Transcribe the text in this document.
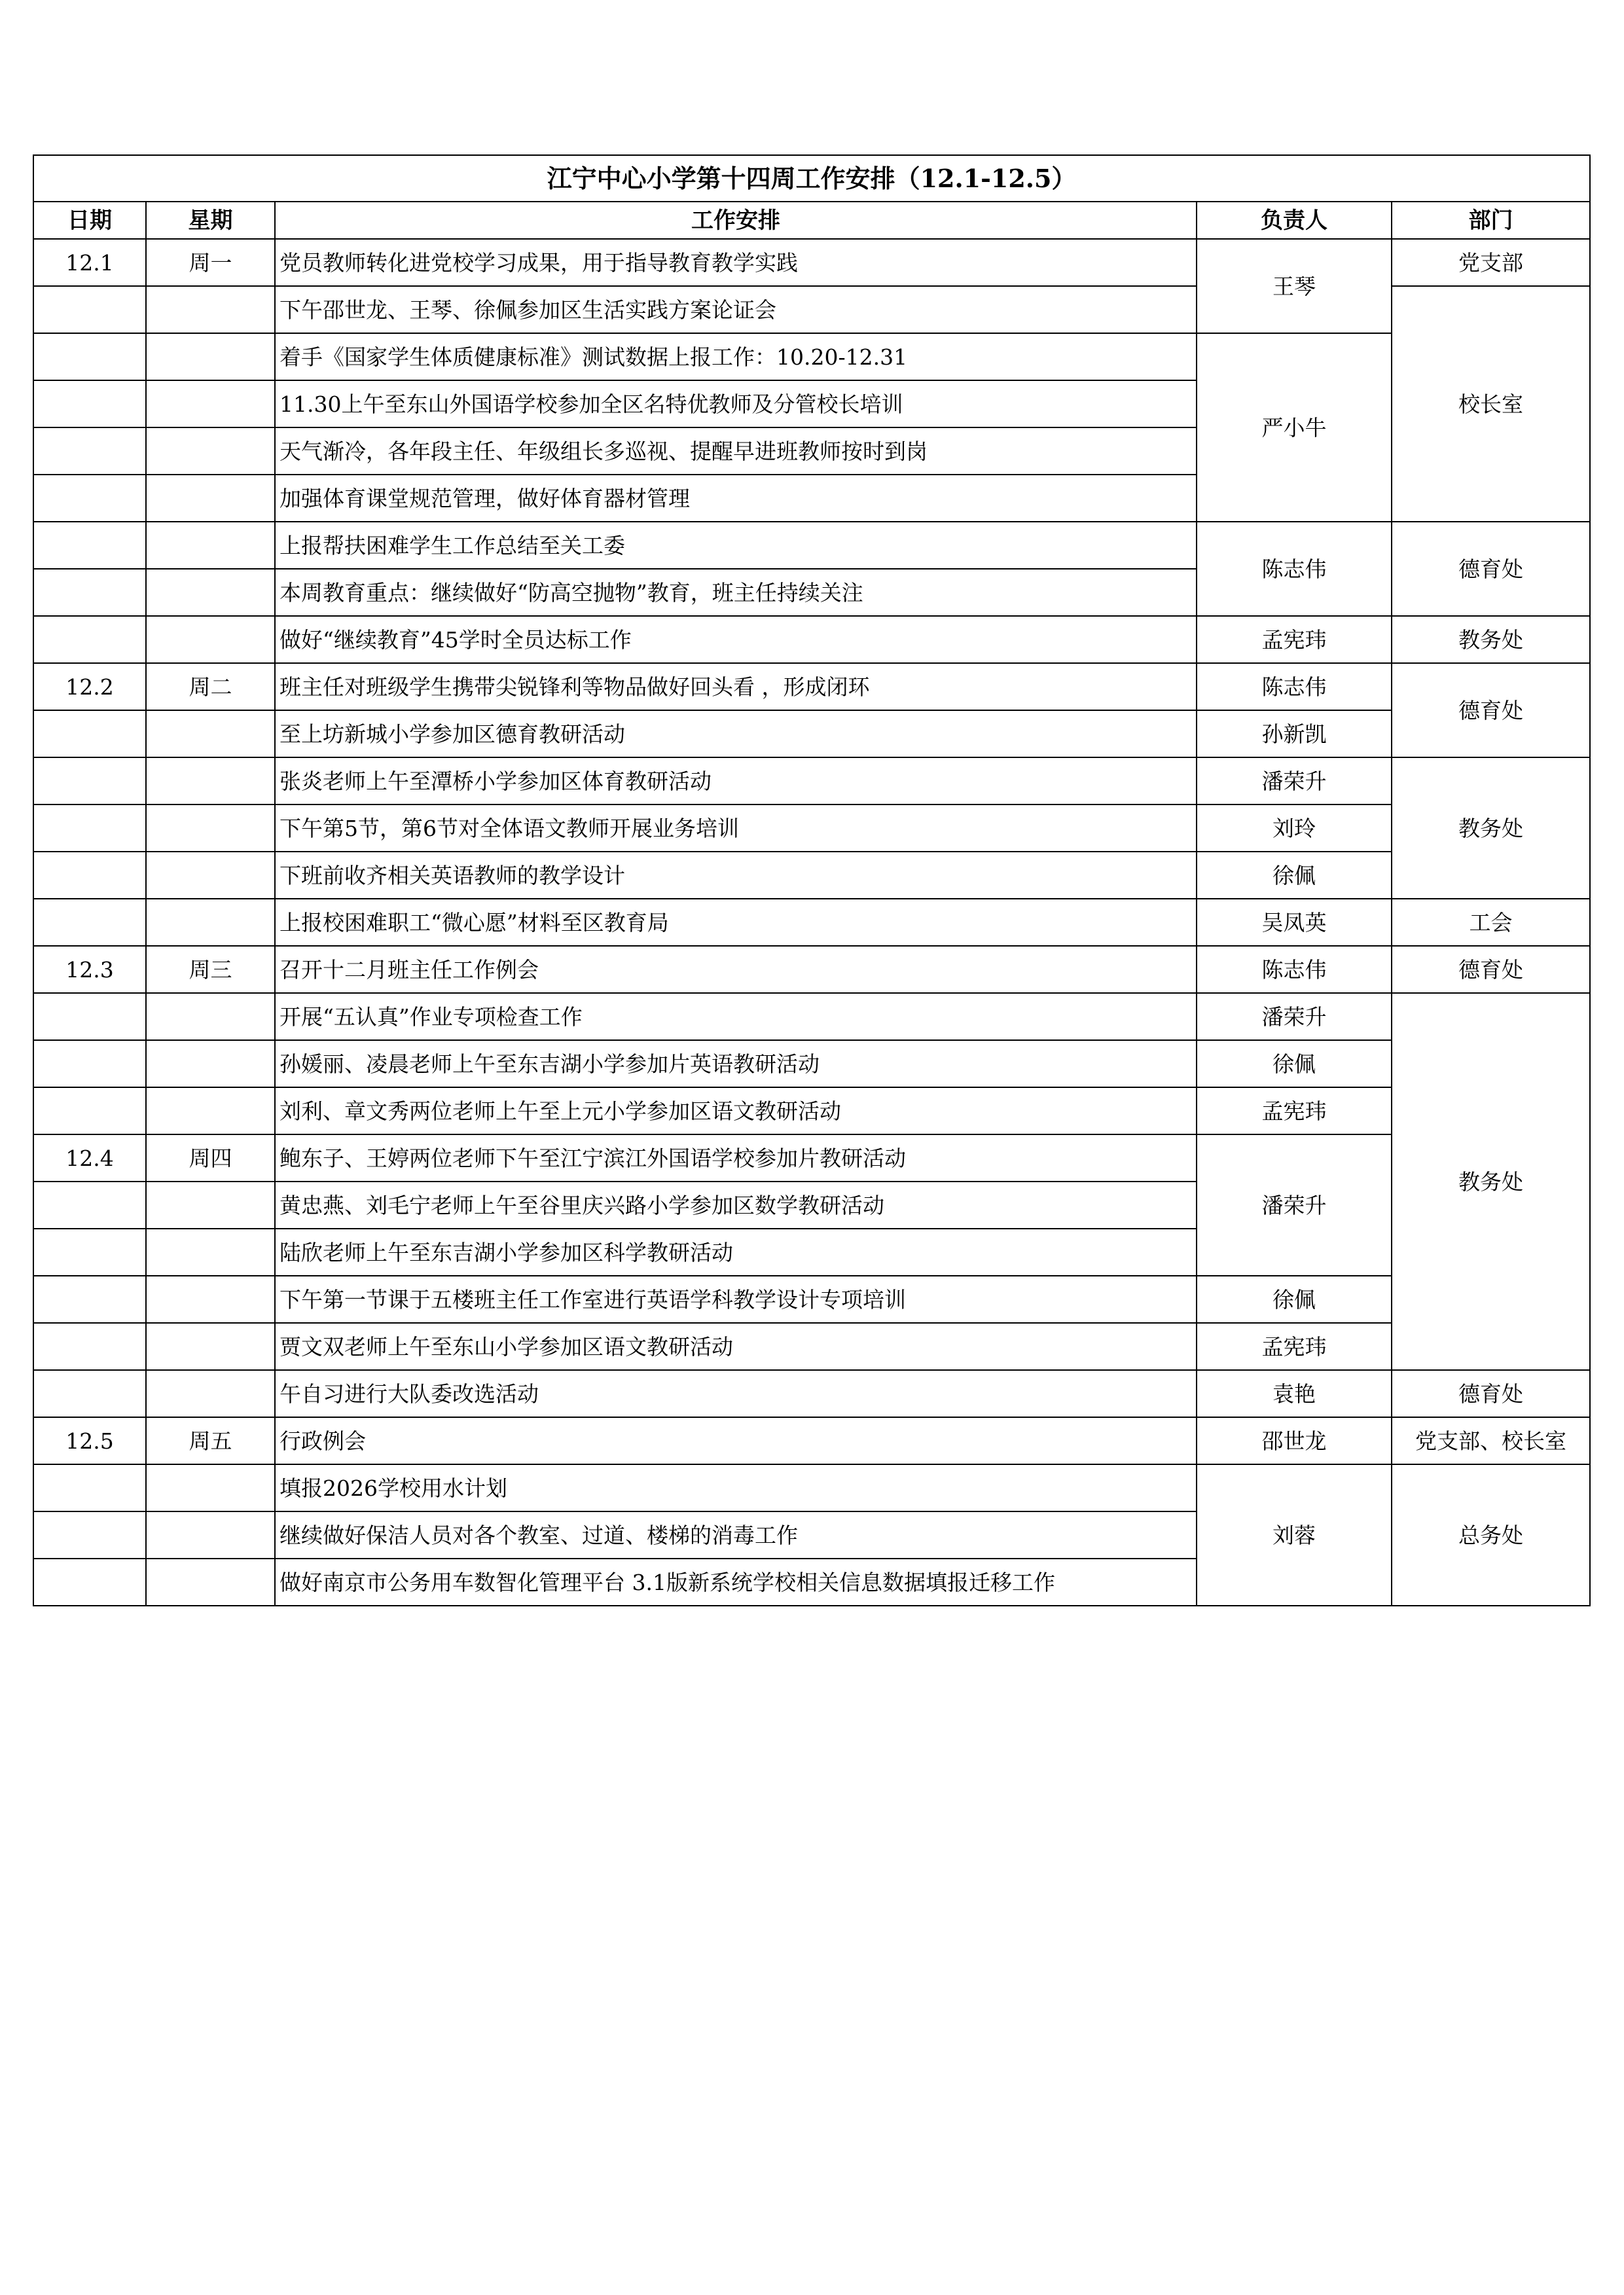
江宁中心小学第十四周工作安排（12.1-12.5）				
日期	星期	工作安排	负责人	部门
12.1	周一	党员教师转化进党校学习成果，用于指导教育教学实践	王琴	党支部
		下午邵世龙、王琴、徐佩参加区生活实践方案论证会		校长室
		着手《国家学生体质健康标准》测试数据上报工作：10.20-12.31	严小牛	
		11.30上午至东山外国语学校参加全区名特优教师及分管校长培训		
		天气渐冷，各年段主任、年级组长多巡视、提醒早进班教师按时到岗		
		加强体育课堂规范管理，做好体育器材管理		
		上报帮扶困难学生工作总结至关工委	陈志伟	德育处
		本周教育重点：继续做好“防高空抛物”教育，班主任持续关注		
		做好“继续教育”45学时全员达标工作	孟宪玮	教务处
12.2	周二	班主任对班级学生携带尖锐锋利等物品做好回头看 ，形成闭环	陈志伟	德育处
		至上坊新城小学参加区德育教研活动	孙新凯	
		张炎老师上午至潭桥小学参加区体育教研活动	潘荣升	教务处
		下午第5节，第6节对全体语文教师开展业务培训	刘玲	
		下班前收齐相关英语教师的教学设计	徐佩	
		上报校困难职工“微心愿”材料至区教育局	吴凤英	工会
12.3	周三	召开十二月班主任工作例会	陈志伟	德育处
		开展“五认真”作业专项检查工作	潘荣升	教务处
		孙媛丽、凌晨老师上午至东吉湖小学参加片英语教研活动	徐佩	
		刘利、章文秀两位老师上午至上元小学参加区语文教研活动	孟宪玮	
12.4	周四	鲍东子、王婷两位老师下午至江宁滨江外国语学校参加片教研活动	潘荣升	
		黄忠燕、刘毛宁老师上午至谷里庆兴路小学参加区数学教研活动		
		陆欣老师上午至东吉湖小学参加区科学教研活动		
		下午第一节课于五楼班主任工作室进行英语学科教学设计专项培训	徐佩	
		贾文双老师上午至东山小学参加区语文教研活动	孟宪玮	
		午自习进行大队委改选活动	袁艳	德育处
12.5	周五	行政例会	邵世龙	党支部、校长室
		填报2026学校用水计划	刘蓉	总务处
		继续做好保洁人员对各个教室、过道、楼梯的消毒工作		
		做好南京市公务用车数智化管理平台 3.1版新系统学校相关信息数据填报迁移工作		
